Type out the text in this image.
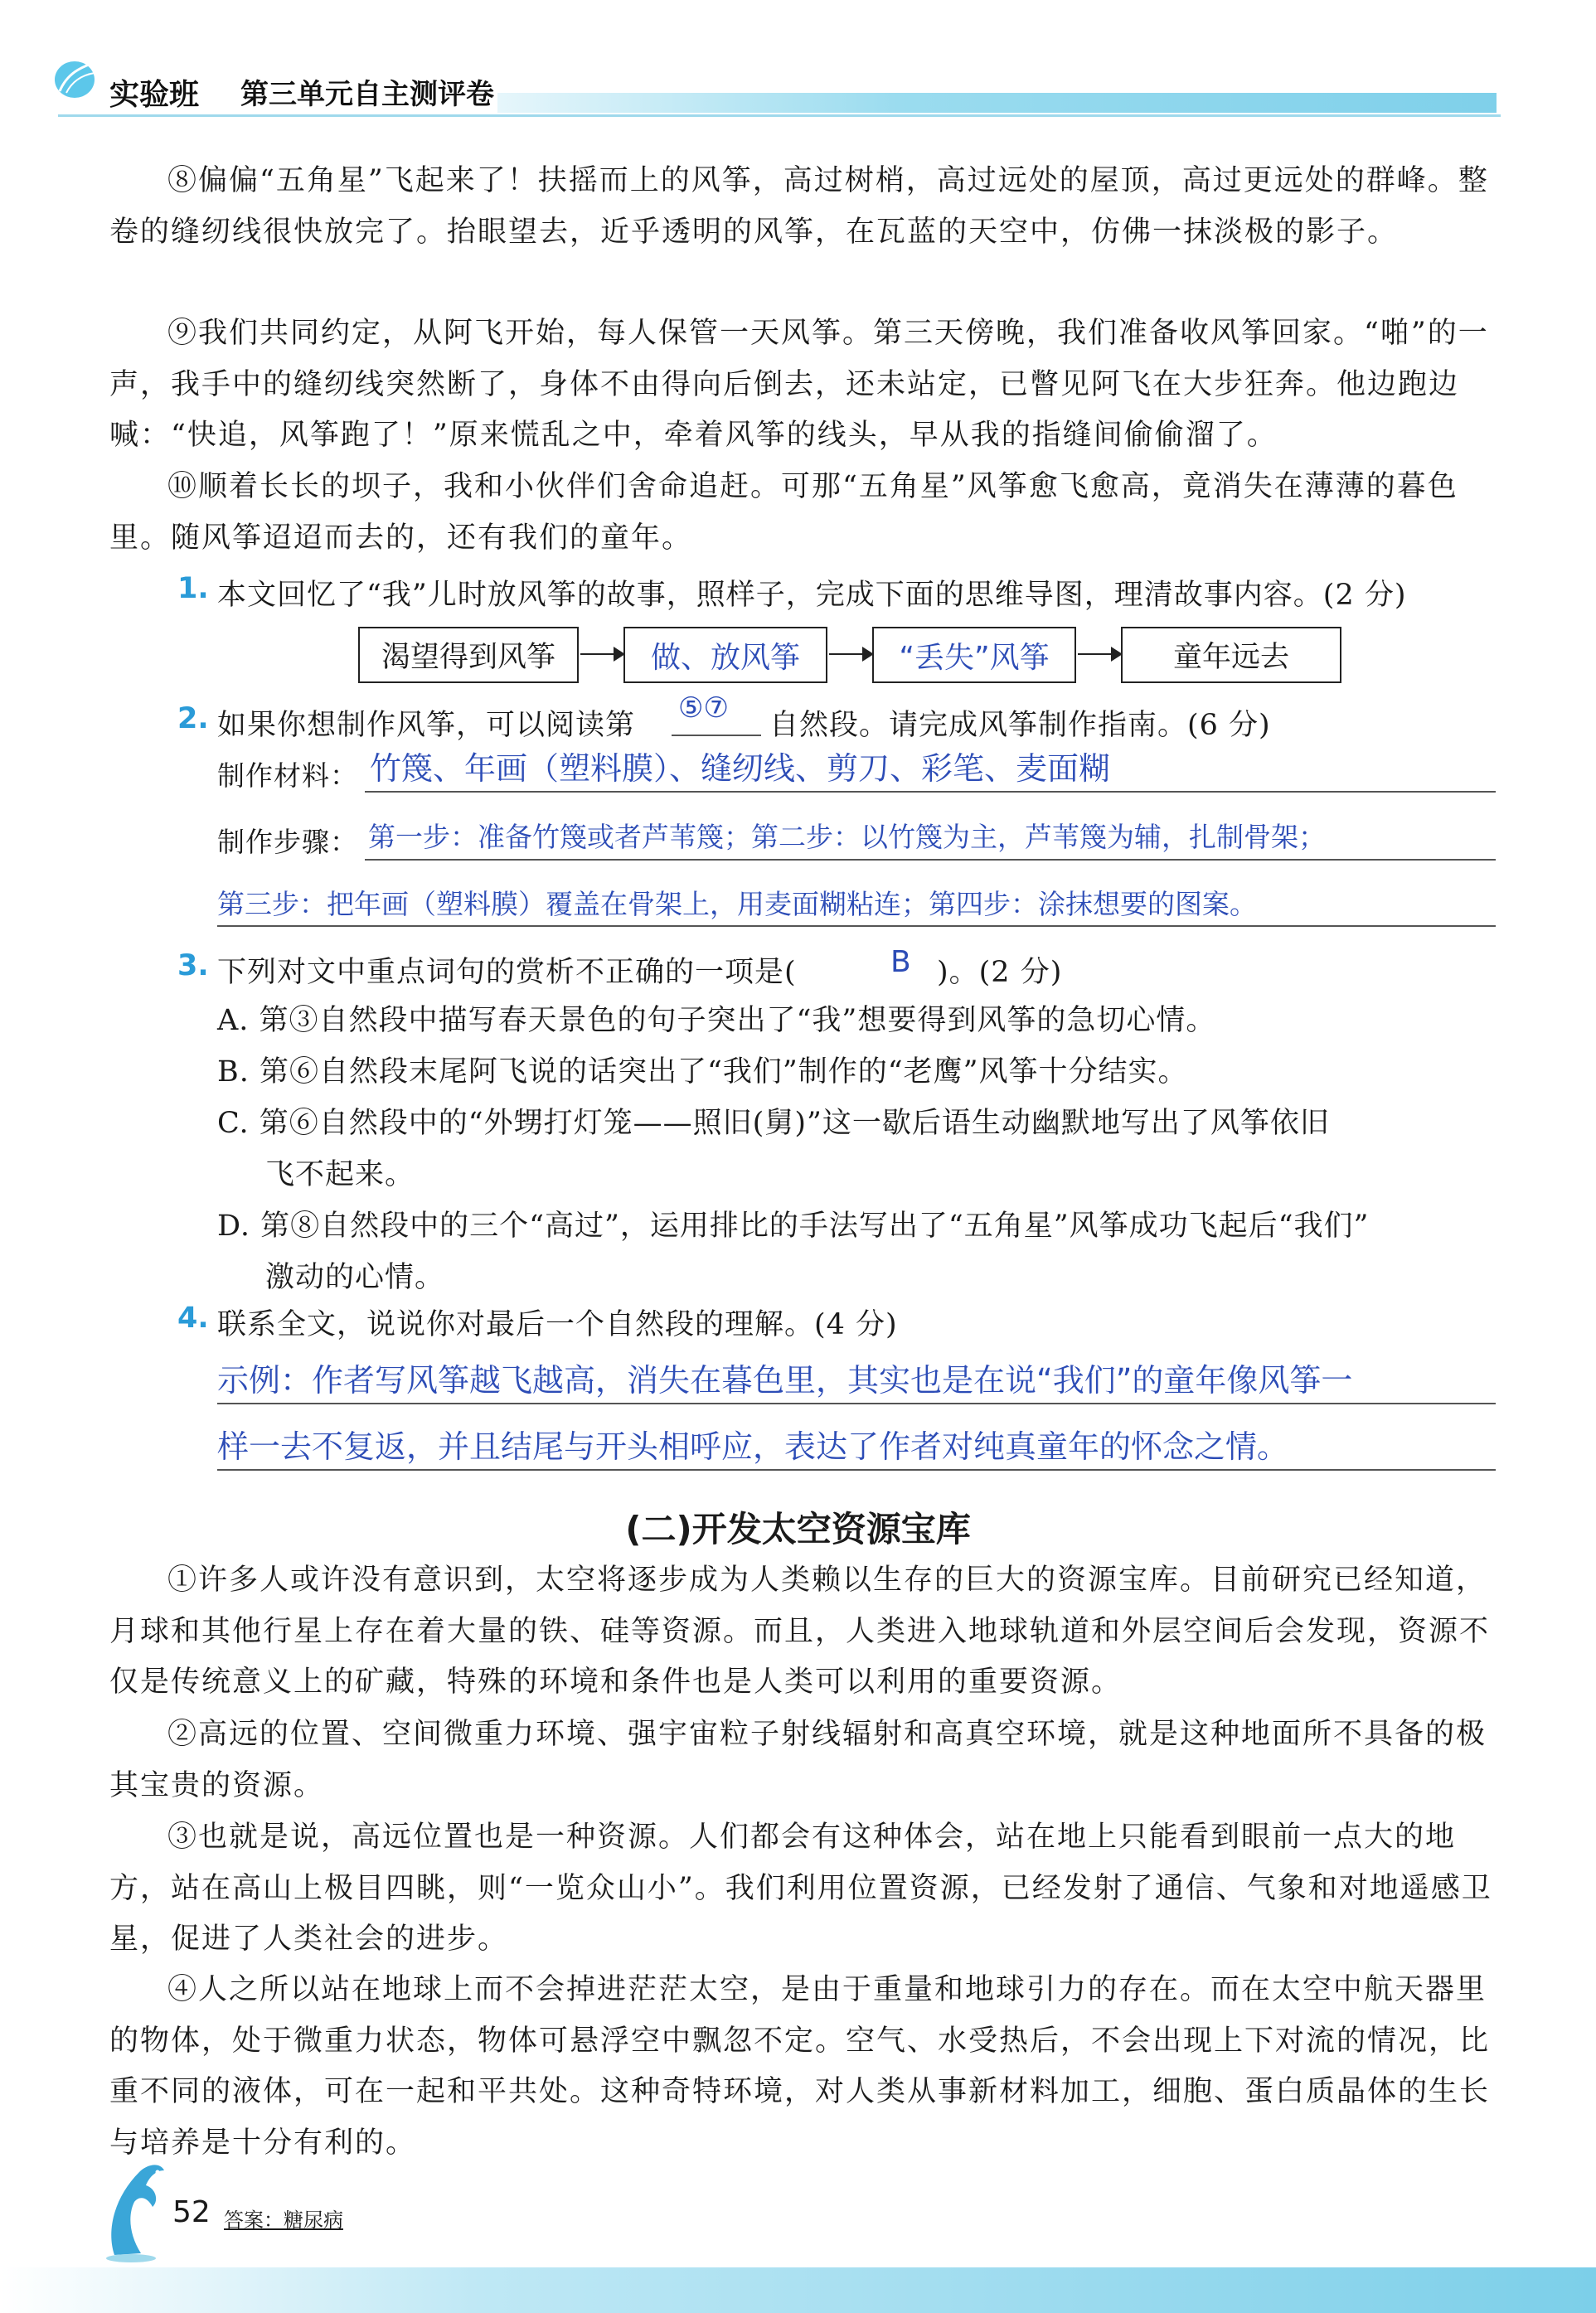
实验班 第三单元自主测评卷

⑧偏偏“五角星”飞起来了！扶摇而上的风筝，高过树梢，高过远处的屋顶，高过更远处的群峰。整卷的缝纫线很快放完了。抬眼望去，近乎透明的风筝，在瓦蓝的天空中，仿佛一抹淡极的影子。

⑨我们共同约定，从阿飞开始，每人保管一天风筝。第三天傍晚，我们准备收风筝回家。“啪”的一声，我手中的缝纫线突然断了，身体不由得向后倒去，还未站定，已瞥见阿飞在大步狂奔。他边跑边喊：“快追，风筝跑了！”原来慌乱之中，牵着风筝的线头，早从我的指缝间偷偷溜了。

⑩顺着长长的坝子，我和小伙伴们舍命追赶。可那“五角星”风筝愈飞愈高，竟消失在薄薄的暮色里。随风筝迢迢而去的，还有我们的童年。

1. 本文回忆了“我”儿时放风筝的故事，照样子，完成下面的思维导图，理清故事内容。(2 分)
渴望得到风筝	做、放风筝	“丢失”风筝	童年远去
2. 如果你想制作风筝，可以阅读第
⑤⑦
自然段。请完成风筝制作指南。(6 分)
制作材料： 竹篾、年画（塑料膜）、缝纫线、剪刀、彩笔、麦面糊
制作步骤： 第一步：准备竹篾或者芦苇篾；第二步：以竹篾为主，芦苇篾为辅，扎制骨架；
第三步：把年画（塑料膜）覆盖在骨架上，用麦面糊粘连；第四步：涂抹想要的图案。
3. 下列对文中重点词句的赏析不正确的一项是(	B )。(2 分)
A. 第③自然段中描写春天景色的句子突出了“我”想要得到风筝的急切心情。
B. 第⑥自然段末尾阿飞说的话突出了“我们”制作的“老鹰”风筝十分结实。
C. 第⑥自然段中的“外甥打灯笼——照旧(舅)”这一歇后语生动幽默地写出了风筝依旧
飞不起来。
D. 第⑧自然段中的三个“高过”，运用排比的手法写出了“五角星”风筝成功飞起后“我们”
激动的心情。
4. 联系全文，说说你对最后一个自然段的理解。(4 分)
示例：作者写风筝越飞越高，消失在暮色里，其实也是在说“我们”的童年像风筝一
样一去不复返，并且结尾与开头相呼应，表达了作者对纯真童年的怀念之情。
(二)开发太空资源宝库

①许多人或许没有意识到，太空将逐步成为人类赖以生存的巨大的资源宝库。目前研究已经知道，月球和其他行星上存在着大量的铁、硅等资源。而且，人类进入地球轨道和外层空间后会发现，资源不仅是传统意义上的矿藏，特殊的环境和条件也是人类可以利用的重要资源。

②高远的位置、空间微重力环境、强宇宙粒子射线辐射和高真空环境，就是这种地面所不具备的极其宝贵的资源。

③也就是说，高远位置也是一种资源。人们都会有这种体会，站在地上只能看到眼前一点大的地方，站在高山上极目四眺，则“一览众山小”。我们利用位置资源，已经发射了通信、气象和对地遥感卫星，促进了人类社会的进步。

④人之所以站在地球上而不会掉进茫茫太空，是由于重量和地球引力的存在。而在太空中航天器里的物体，处于微重力状态，物体可悬浮空中飘忽不定。空气、水受热后，不会出现上下对流的情况，比重不同的液体，可在一起和平共处。这种奇特环境，对人类从事新材料加工，细胞、蛋白质晶体的生长与培养是十分有利的。

52 答案：糖尿病
